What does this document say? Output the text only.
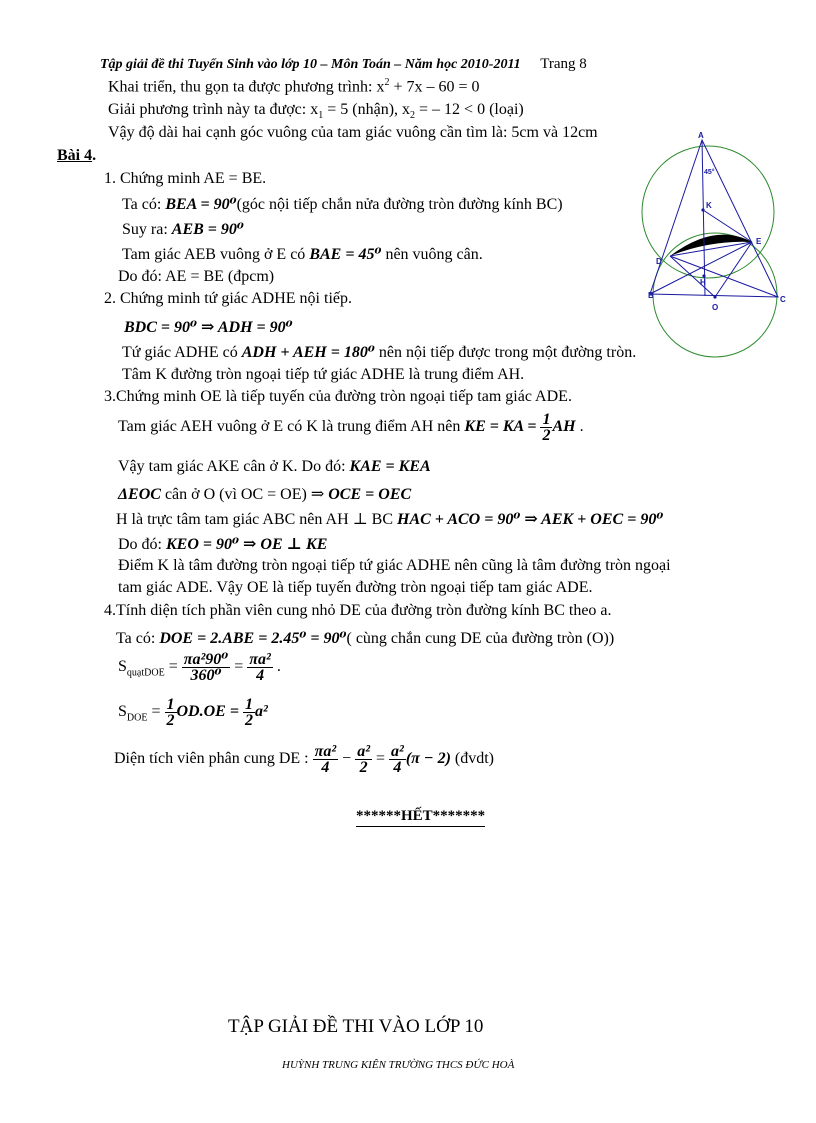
Tập giải đề thi Tuyển Sinh vào lớp 10 – Môn Toán – Năm học 2010-2011 Trang 8
Khai triển, thu gọn ta được phương trình: $x^2 + 7x - 60 = 0$
Giải phương trình này ta được: $x_1 = 5$ (nhận), $x_2$ = – 12 < 0 (loại)
Vậy độ dài hai cạnh góc vuông của tam giác vuông cần tìm là: 5cm và 12cm
Bài 4.
1. Chứng minh AE = BE.
Ta có: BEA = 90⁰(góc nội tiếp chắn nửa đường tròn đường kính BC)
Suy ra: AEB = 90⁰
Tam giác AEB vuông ở E có BAE = 45⁰ nên vuông cân.
Do đó: AE = BE (đpcm)
2. Chứng minh tứ giác ADHE nội tiếp.
BDC = 90⁰ ⇒ ADH = 90⁰
Tứ giác ADHE có ADH + AEH = 180⁰ nên nội tiếp được trong một đường tròn.
Tâm K đường tròn ngoại tiếp tứ giác ADHE là trung điểm AH.
3.Chứng minh OE là tiếp tuyến của đường tròn ngoại tiếp tam giác ADE.
Tam giác AEH vuông ở E có K là trung điểm AH nên KE = KA = $\frac{1}{2}$ AH .
Vậy tam giác AKE cân ở K. Do đó: KAE = KEA
ΔEOC cân ở O (vì OC = OE) ⇒ OCE = OEC
H là trực tâm tam giác ABC nên AH ⊥ BC HAC + ACO = 90⁰ ⇒ AEK + OEC = 90⁰
Do đó: KEO = 90⁰ ⇒ OE ⊥ KE
Điểm K là tâm đường tròn ngoại tiếp tứ giác ADHE nên cũng là tâm đường tròn ngoại
tam giác ADE. Vậy OE là tiếp tuyến đường tròn ngoại tiếp tam giác ADE.
4.Tính diện tích phần viên cung nhỏ DE của đường tròn đường kính BC theo a.
Ta có: DOE = 2.ABE = 2.45⁰ = 90⁰( cùng chắn cung DE của đường tròn (O))
$S_{quạtDOE} = \frac{\text{πa²90⁰}}{\text{360⁰}} = \frac{\text{πa²}}{4}$ .
$S_{DOE} = \frac{1}{2} OD.OE = \frac{1}{2} a^2$
Diện tích viên phân cung DE : $\frac{\text{πa²}}{4} - \frac{\text{a²}}{2} = \frac{\text{a²}}{4} (\pi - 2)$ (đvdt)
******HẾT*******
A
45°
K
E
D
H
B	C
O
TẬP GIẢI ĐỀ THI VÀO LỚP 10
HUỲNH TRUNG KIÊN TRƯỜNG THCS ĐỨC HOÀ
